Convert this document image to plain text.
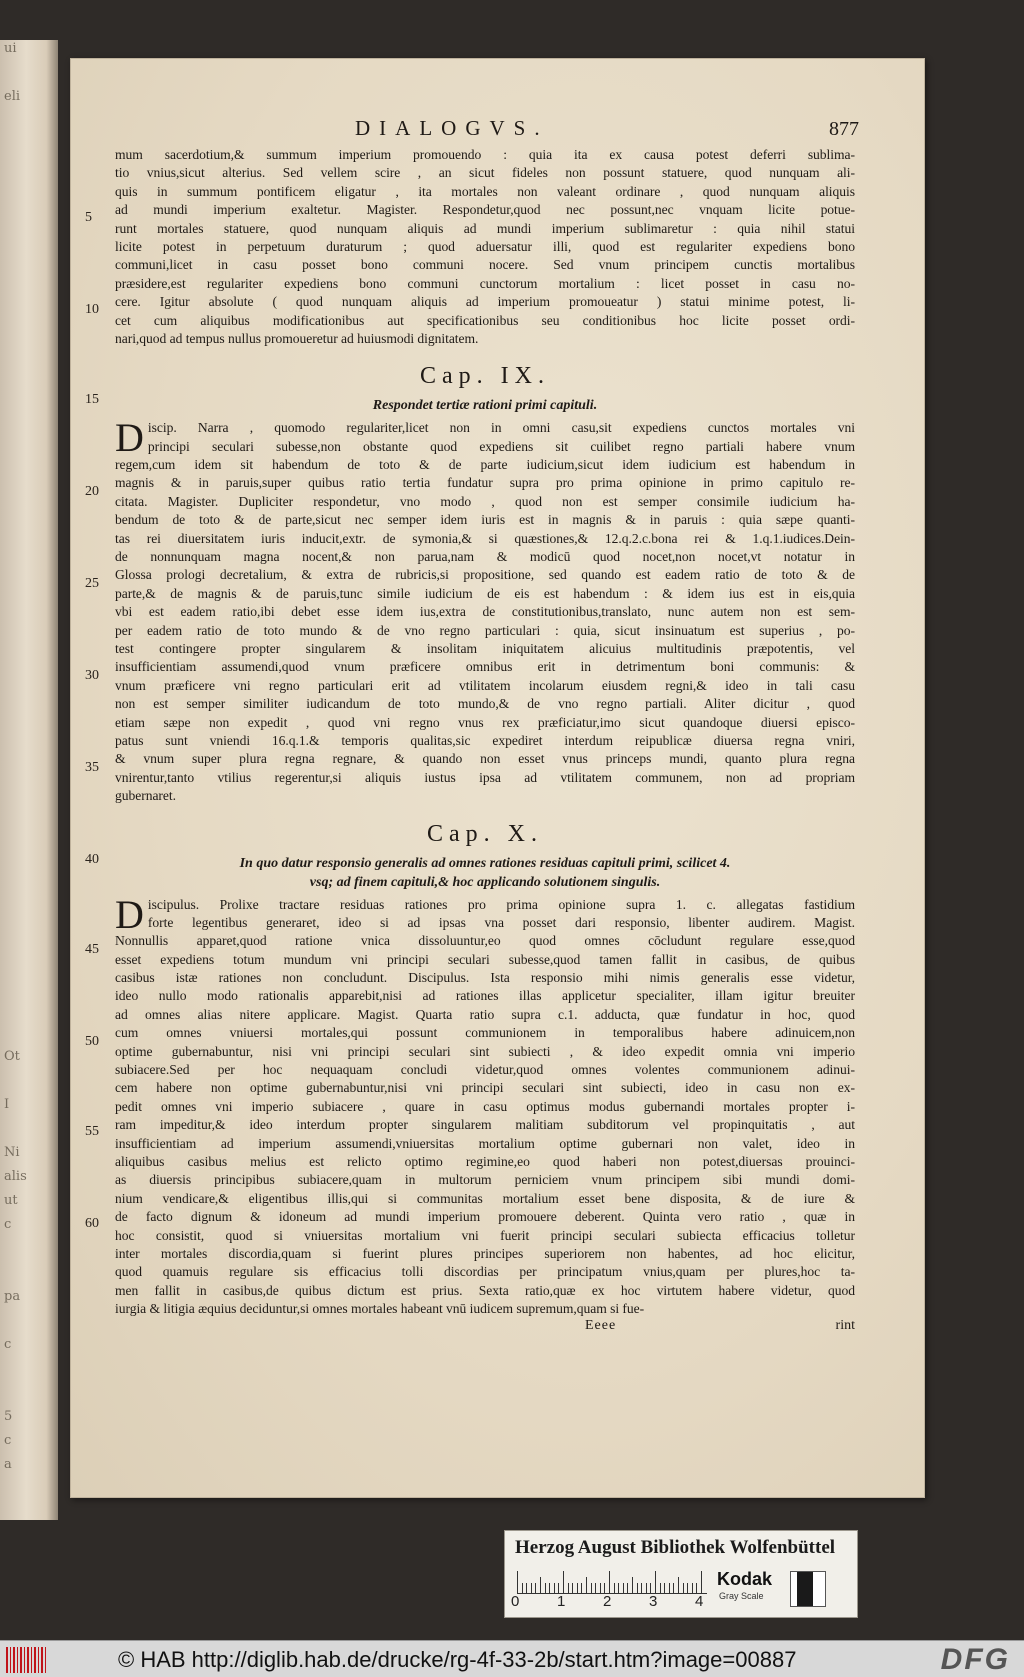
ui
eli
Ot
I
Ni
alis
ut
c
pa
c
5
c
a
DIALOGVS.	877
mum sacerdotium,& summum imperium promouendo : quia ita ex causa potest deferri sublima-
tio vnius,sicut alterius. Sed vellem scire , an sicut fideles non possunt statuere, quod nunquam ali-
quis in summum pontificem eligatur , ita mortales non valeant ordinare , quod nunquam aliquis
ad mundi imperium exaltetur. Magister. Respondetur,quod nec possunt,nec vnquam licite potue-
runt mortales statuere, quod nunquam aliquis ad mundi imperium sublimaretur : quia nihil statui
licite potest in perpetuum duraturum ; quod aduersatur illi, quod est regulariter expediens bono
communi,licet in casu posset bono communi nocere. Sed vnum principem cunctis mortalibus
præsidere,est regulariter expediens bono communi cunctorum mortalium : licet posset in casu no-
cere. Igitur absolute ( quod nunquam aliquis ad imperium promoueatur ) statui minime potest, li-
cet cum aliquibus modificationibus aut specificationibus seu conditionibus hoc licite posset ordi-
nari,quod ad tempus nullus promoueretur ad huiusmodi dignitatem.
Cap. IX.
Respondet tertiæ rationi primi capituli.
D iscip. Narra , quomodo regulariter,licet non in omni casu,sit expediens cunctos mortales vni
principi seculari subesse,non obstante quod expediens sit cuilibet regno partiali habere vnum
regem,cum idem sit habendum de toto & de parte iudicium,sicut idem iudicium est habendum in
magnis & in paruis,super quibus ratio tertia fundatur supra pro prima opinione in primo capitulo re-
citata. Magister. Dupliciter respondetur, vno modo , quod non est semper consimile iudicium ha-
bendum de toto & de parte,sicut nec semper idem iuris est in magnis & in paruis : quia sæpe quanti-
tas rei diuersitatem iuris inducit,extr. de symonia,& si quæstiones,& 12.q.2.c.bona rei & 1.q.1.iudices.Dein-
de nonnunquam magna nocent,& non parua,nam & modicū quod nocet,non nocet,vt notatur in
Glossa prologi decretalium, & extra de rubricis,si propositione, sed quando est eadem ratio de toto & de
parte,& de magnis & de paruis,tunc simile iudicium de eis est habendum : & idem ius est in eis,quia
vbi est eadem ratio,ibi debet esse idem ius,extra de constitutionibus,translato, nunc autem non est sem-
per eadem ratio de toto mundo & de vno regno particulari : quia, sicut insinuatum est superius , po-
test contingere propter singularem & insolitam iniquitatem alicuius multitudinis præpotentis, vel
insufficientiam assumendi,quod vnum præficere omnibus erit in detrimentum boni communis: &
vnum præficere vni regno particulari erit ad vtilitatem incolarum eiusdem regni,& ideo in tali casu
non est semper similiter iudicandum de toto mundo,& de vno regno partiali. Aliter dicitur , quod
etiam sæpe non expedit , quod vni regno vnus rex præficiatur,imo sicut quandoque diuersi episco-
patus sunt vniendi 16.q.1.& temporis qualitas,sic expediret interdum reipublicæ diuersa regna vniri,
& vnum super plura regna regnare, & quando non esset vnus princeps mundi, quanto plura regna
vnirentur,tanto vtilius regerentur,si aliquis iustus ipsa ad vtilitatem communem, non ad propriam
gubernaret.
Cap. X.
In quo datur responsio generalis ad omnes rationes residuas capituli primi, scilicet 4.
vsq; ad finem capituli,& hoc applicando solutionem singulis.
D iscipulus. Prolixe tractare residuas rationes pro prima opinione supra 1. c. allegatas fastidium
forte legentibus generaret, ideo si ad ipsas vna posset dari responsio, libenter audirem. Magist.
Nonnullis apparet,quod ratione vnica dissoluuntur,eo quod omnes cōcludunt regulare esse,quod
esset expediens totum mundum vni principi seculari subesse,quod tamen fallit in casibus, de quibus
casibus istæ rationes non concludunt. Discipulus. Ista responsio mihi nimis generalis esse videtur,
ideo nullo modo rationalis apparebit,nisi ad rationes illas applicetur specialiter, illam igitur breuiter
ad omnes alias nitere applicare. Magist. Quarta ratio supra c.1. adducta, quæ fundatur in hoc, quod
cum omnes vniuersi mortales,qui possunt communionem in temporalibus habere adinuicem,non
optime gubernabuntur, nisi vni principi seculari sint subiecti , & ideo expedit omnia vni imperio
subiacere.Sed per hoc nequaquam concludi videtur,quod omnes volentes communionem adinui-
cem habere non optime gubernabuntur,nisi vni principi seculari sint subiecti, ideo in casu non ex-
pedit omnes vni imperio subiacere , quare in casu optimus modus gubernandi mortales propter i-
ram impeditur,& ideo interdum propter singularem malitiam subditorum vel propinquitatis , aut
insufficientiam ad imperium assumendi,vniuersitas mortalium optime gubernari non valet, ideo in
aliquibus casibus melius est relicto optimo regimine,eo quod haberi non potest,diuersas prouinci-
as diuersis principibus subiacere,quam in multorum perniciem vnum principem sibi mundi domi-
nium vendicare,& eligentibus illis,qui si communitas mortalium esset bene disposita, & de iure &
de facto dignum & idoneum ad mundi imperium promouere deberent. Quinta vero ratio , quæ in
hoc consistit, quod si vniuersitas mortalium vni fuerit principi seculari subiecta efficacius tolletur
inter mortales discordia,quam si fuerint plures principes superiorem non habentes, ad hoc elicitur,
quod quamuis regulare sis efficacius tolli discordias per principatum vnius,quam per plures,hoc ta-
men fallit in casibus,de quibus dictum est prius. Sexta ratio,quæ ex hoc virtutem habere videtur, quod
iurgia & litigia æquius deciduntur,si omnes mortales habeant vnū iudicem supremum,quam si fue-
Eeee	rint
5
10
15
20
25
30
35
40
45
50
55
60
Herzog August Bibliothek Wolfenbüttel
0	1	2	3	4
Kodak
Gray Scale
© HAB http://diglib.hab.de/drucke/rg-4f-33-2b/start.htm?image=00887	DFG
